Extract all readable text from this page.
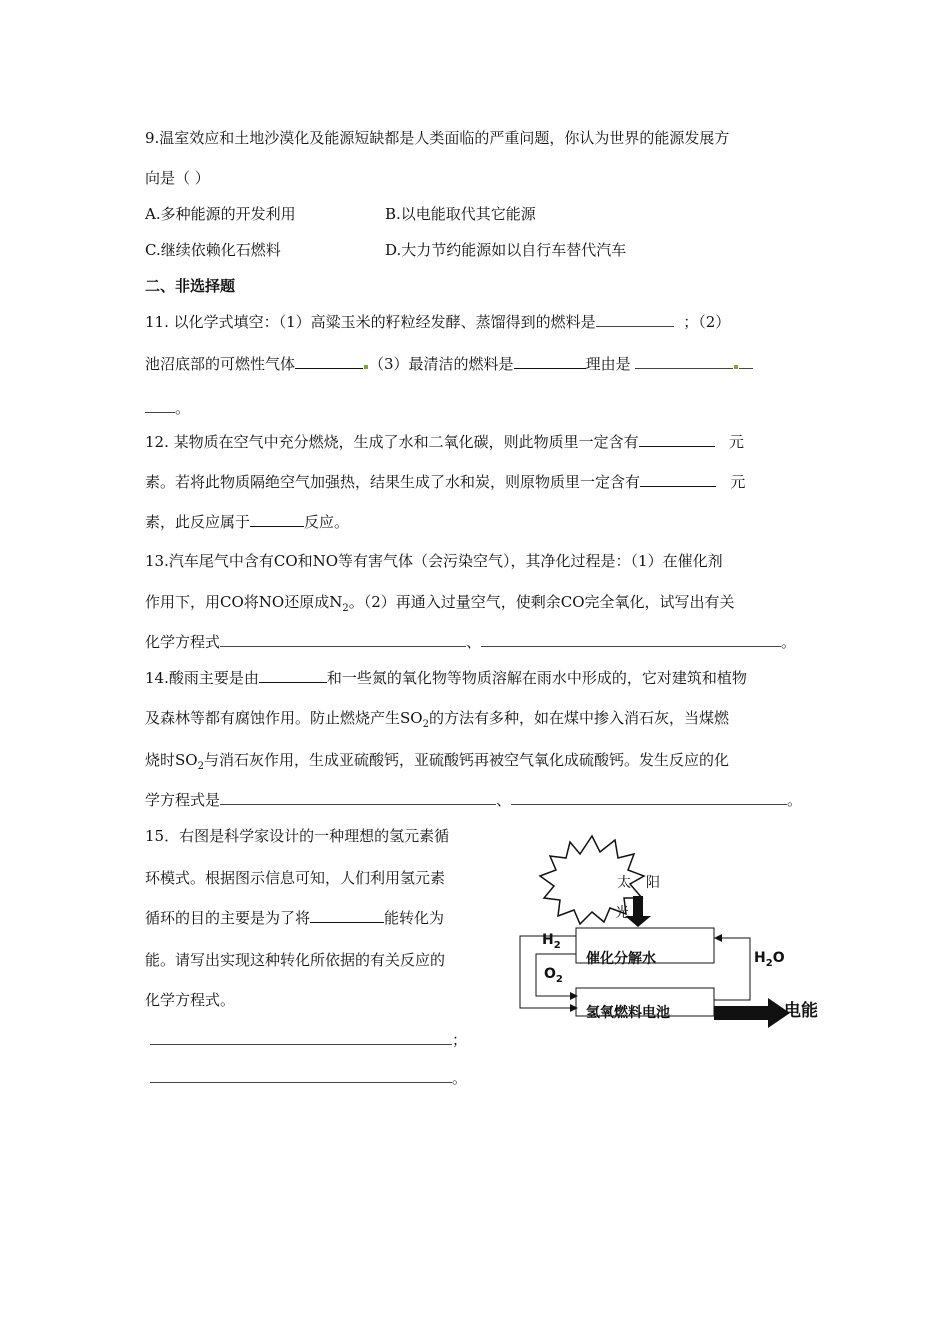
9.温室效应和土地沙漠化及能源短缺都是人类面临的严重问题，你认为世界的能源发展方
向是（ ）
A.多种能源的开发利用	B.以电能取代其它能源
C.继续依赖化石燃料	D.大力节约能源如以自行车替代汽车
二、非选择题
11. 以化学式填空：（1）高粱玉米的籽粒经发酵、蒸馏得到的燃料是	；（2）
池沼底部的可燃性气体	（3）最清洁的燃料是	理由是
。
12. 某物质在空气中充分燃烧，生成了水和二氧化碳，则此物质里一定含有	元
素。若将此物质隔绝空气加强热，结果生成了水和炭，则原物质里一定含有	元
素，此反应属于	反应。
13.汽车尾气中含有CO和NO等有害气体（会污染空气），其净化过程是：（1）在催化剂
作用下，用CO将NO还原成$N_2$。（2）再通入过量空气，使剩余CO完全氧化，试写出有关
化学方程式	、	。
14.酸雨主要是由	和一些氮的氧化物等物质溶解在雨水中形成的，它对建筑和植物
及森林等都有腐蚀作用。防止燃烧产生$SO_2$的方法有多种，如在煤中掺入消石灰，当煤燃
烧时$SO_2$与消石灰作用，生成亚硫酸钙，亚硫酸钙再被空气氧化成硫酸钙。发生反应的化
学方程式是	、	。
15．右图是科学家设计的一种理想的氢元素循
环模式。根据图示信息可知，人们利用氢元素
循环的目的主要是为了将	能转化为
能。请写出实现这种转化所依据的有关反应的
化学方程式。
；
。
太 阳
光
催化分解水
氢氧燃料电池
$H_2$
$O_2$
$H_2O$
电能
